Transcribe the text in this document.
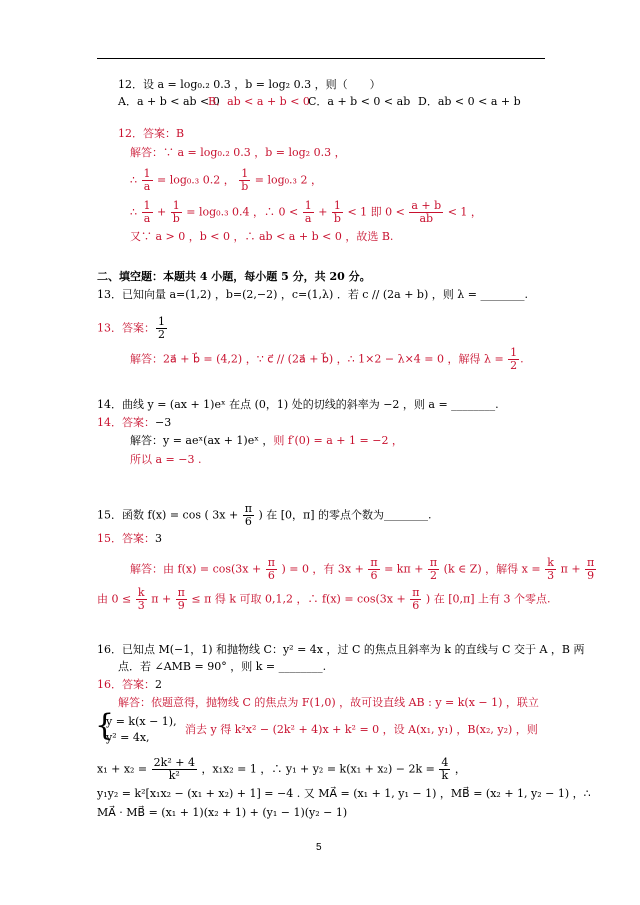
12．设 a = log₀.₂ 0.3 ，b = log₂ 0.3 ，则（　　）
A．a + b < ab < 0
B．ab < a + b < 0
C．a + b < 0 < ab D．ab < 0 < a + b
12．答案：B
解答：∵ a = log₀.₂ 0.3 ，b = log₂ 0.3 ，
∴ $\frac{1}{a} = \log_0._3$ 0.2 ， $\frac{1}{b} = \log_0._3$ 2 ，
∴ $\frac{1}{a} + \frac{1}{b} = \log_0._3$ 0.4 ，∴ $0 < \frac{1}{a} + \frac{1}{b} < 1$ 即 $0 < \frac{a + b}{ab} < 1$ ，
又∵ a > 0 ，b < 0 ，∴ ab < a + b < 0 ，故选 B.
二、填空题：本题共 4 小题，每小题 5 分，共 20 分。
13．已知向量 a=(1,2) ，b=(2,−2) ，c=(1,λ) ．若 c // (2a + b) ，则 λ = ________.
13．答案： $\frac{1}{2}$
解答：2a⃗ + b⃗ = (4,2) ，∵ c⃗ // (2a⃗ + b⃗) ，∴ 1×2 − λ×4 = 0 ，解得 $\lambda = \frac{1}{2}$ .
14．曲线 y = (ax + 1)eˣ 在点 (0，1) 处的切线的斜率为 −2 ，则 a = ________.
14．答案：−3
解答：y = aeˣ(ax + 1)eˣ ，则 f′(0) = a + 1 = −2 ，
所以 a = −3 .
15．函数 f(x) = cos ( $3x + \frac{\pi}{6}$ ) 在 [0，π] 的零点个数为________.
15．答案：3
解答：由 $f(x) = \cos(3x + \frac{\pi}{6}$ ) = 0 ，有 $3x + \frac{\pi}{6} = k\pi + \frac{\pi}{2} (k$ ∈ Z) ，解得 $x = \frac{k}{3}$ $\pi + \frac{\pi}{9}$
由 $0 \le \frac{k}{3}$ $\pi + \frac{\pi}{9} \le \pi$ 得 k 可取 0,1,2 ，∴ $f(x) = \cos(3x + \frac{\pi}{6}$ ) 在 [0,π] 上有 3 个零点.
16．已知点 M(−1，1) 和抛物线 C：y² = 4x ，过 C 的焦点且斜率为 k 的直线与 C 交于 A ，B 两
点．若 ∠AMB = 90° ，则 k = ________.
16．答案：2
解答：依题意得，抛物线 C 的焦点为 F(1,0) ，故可设直线 AB : y = k(x − 1) ，联立
{
y = k(x − 1),
y² = 4x,
消去 y 得 k²x² − (2k² + 4)x + k² = 0 ，设 A(x₁, y₁) ，B(x₂, y₂) ，则
$x_1 + x_2 = \frac{\text{2k² + 4}}{\text{k²}}$ ，x₁x₂ = 1 ，∴ $y_1 + y_2 = k(x_1 + x_2) - 2k = \frac{4}{k}$ ，
y₁y₂ = k²[x₁x₂ − (x₁ + x₂) + 1] = −4 . 又 MA⃗ = (x₁ + 1, y₁ − 1) ，MB⃗ = (x₂ + 1, y₂ − 1) ，∴
MA⃗ · MB⃗ = (x₁ + 1)(x₂ + 1) + (y₁ − 1)(y₂ − 1)
5
